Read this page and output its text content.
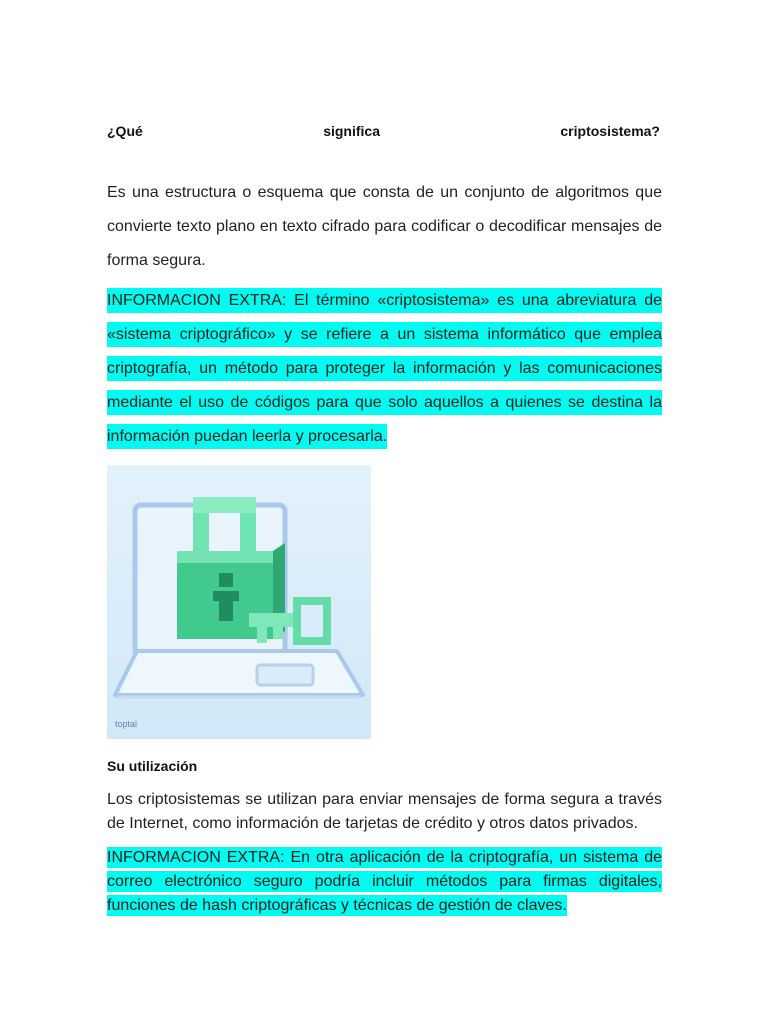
¿Qué	significa	criptosistema?

Es una estructura o esquema que consta de un conjunto de algoritmos que convierte texto plano en texto cifrado para codificar o decodificar mensajes de forma segura.

INFORMACION EXTRA: El término «criptosistema» es una abreviatura de «sistema criptográfico» y se refiere a un sistema informático que emplea criptografía, un método para proteger la información y las comunicaciones mediante el uso de códigos para que solo aquellos a quienes se destina la información puedan leerla y procesarla.

toptal
Su utilización

Los criptosistemas se utilizan para enviar mensajes de forma segura a través de Internet, como información de tarjetas de crédito y otros datos privados.

INFORMACION EXTRA: En otra aplicación de la criptografía, un sistema de correo electrónico seguro podría incluir métodos para firmas digitales, funciones de hash criptográficas y técnicas de gestión de claves.
